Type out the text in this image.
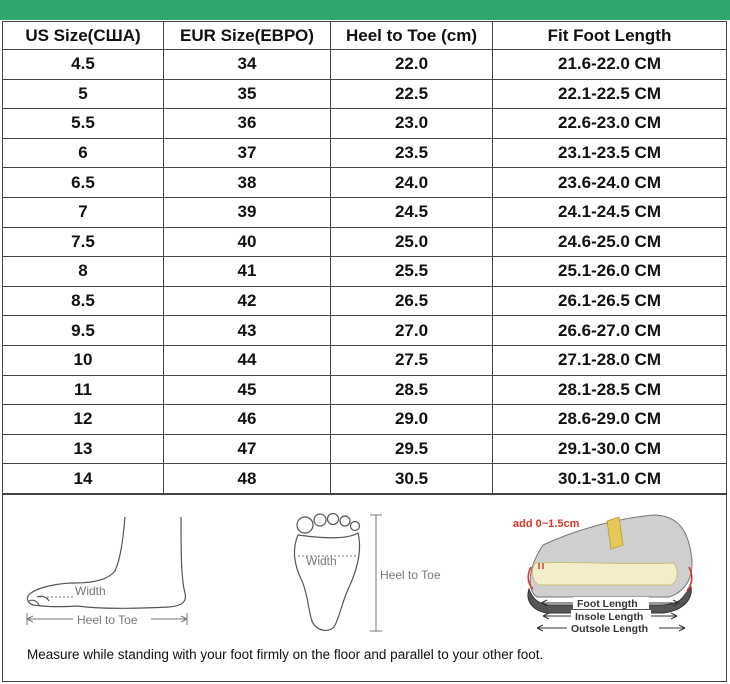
US Size(США)	EUR Size(ЕВРО)	Heel to Toe (cm)	Fit Foot Length
4.5	34	22.0	21.6-22.0 CM
5	35	22.5	22.1-22.5 CM
5.5	36	23.0	22.6-23.0 CM
6	37	23.5	23.1-23.5 CM
6.5	38	24.0	23.6-24.0 CM
7	39	24.5	24.1-24.5 CM
7.5	40	25.0	24.6-25.0 CM
8	41	25.5	25.1-26.0 CM
8.5	42	26.5	26.1-26.5 CM
9.5	43	27.0	26.6-27.0 CM
10	44	27.5	27.1-28.0 CM
11	45	28.5	28.1-28.5 CM
12	46	29.0	28.6-29.0 CM
13	47	29.5	29.1-30.0 CM
14	48	30.5	30.1-31.0 CM
Width
Heel to Toe
Width
Heel to Toe
add 0~1.5cm
Foot Length
Insole Length
Outsole Length
Measure while standing with your foot firmly on the floor and parallel to your other foot.
